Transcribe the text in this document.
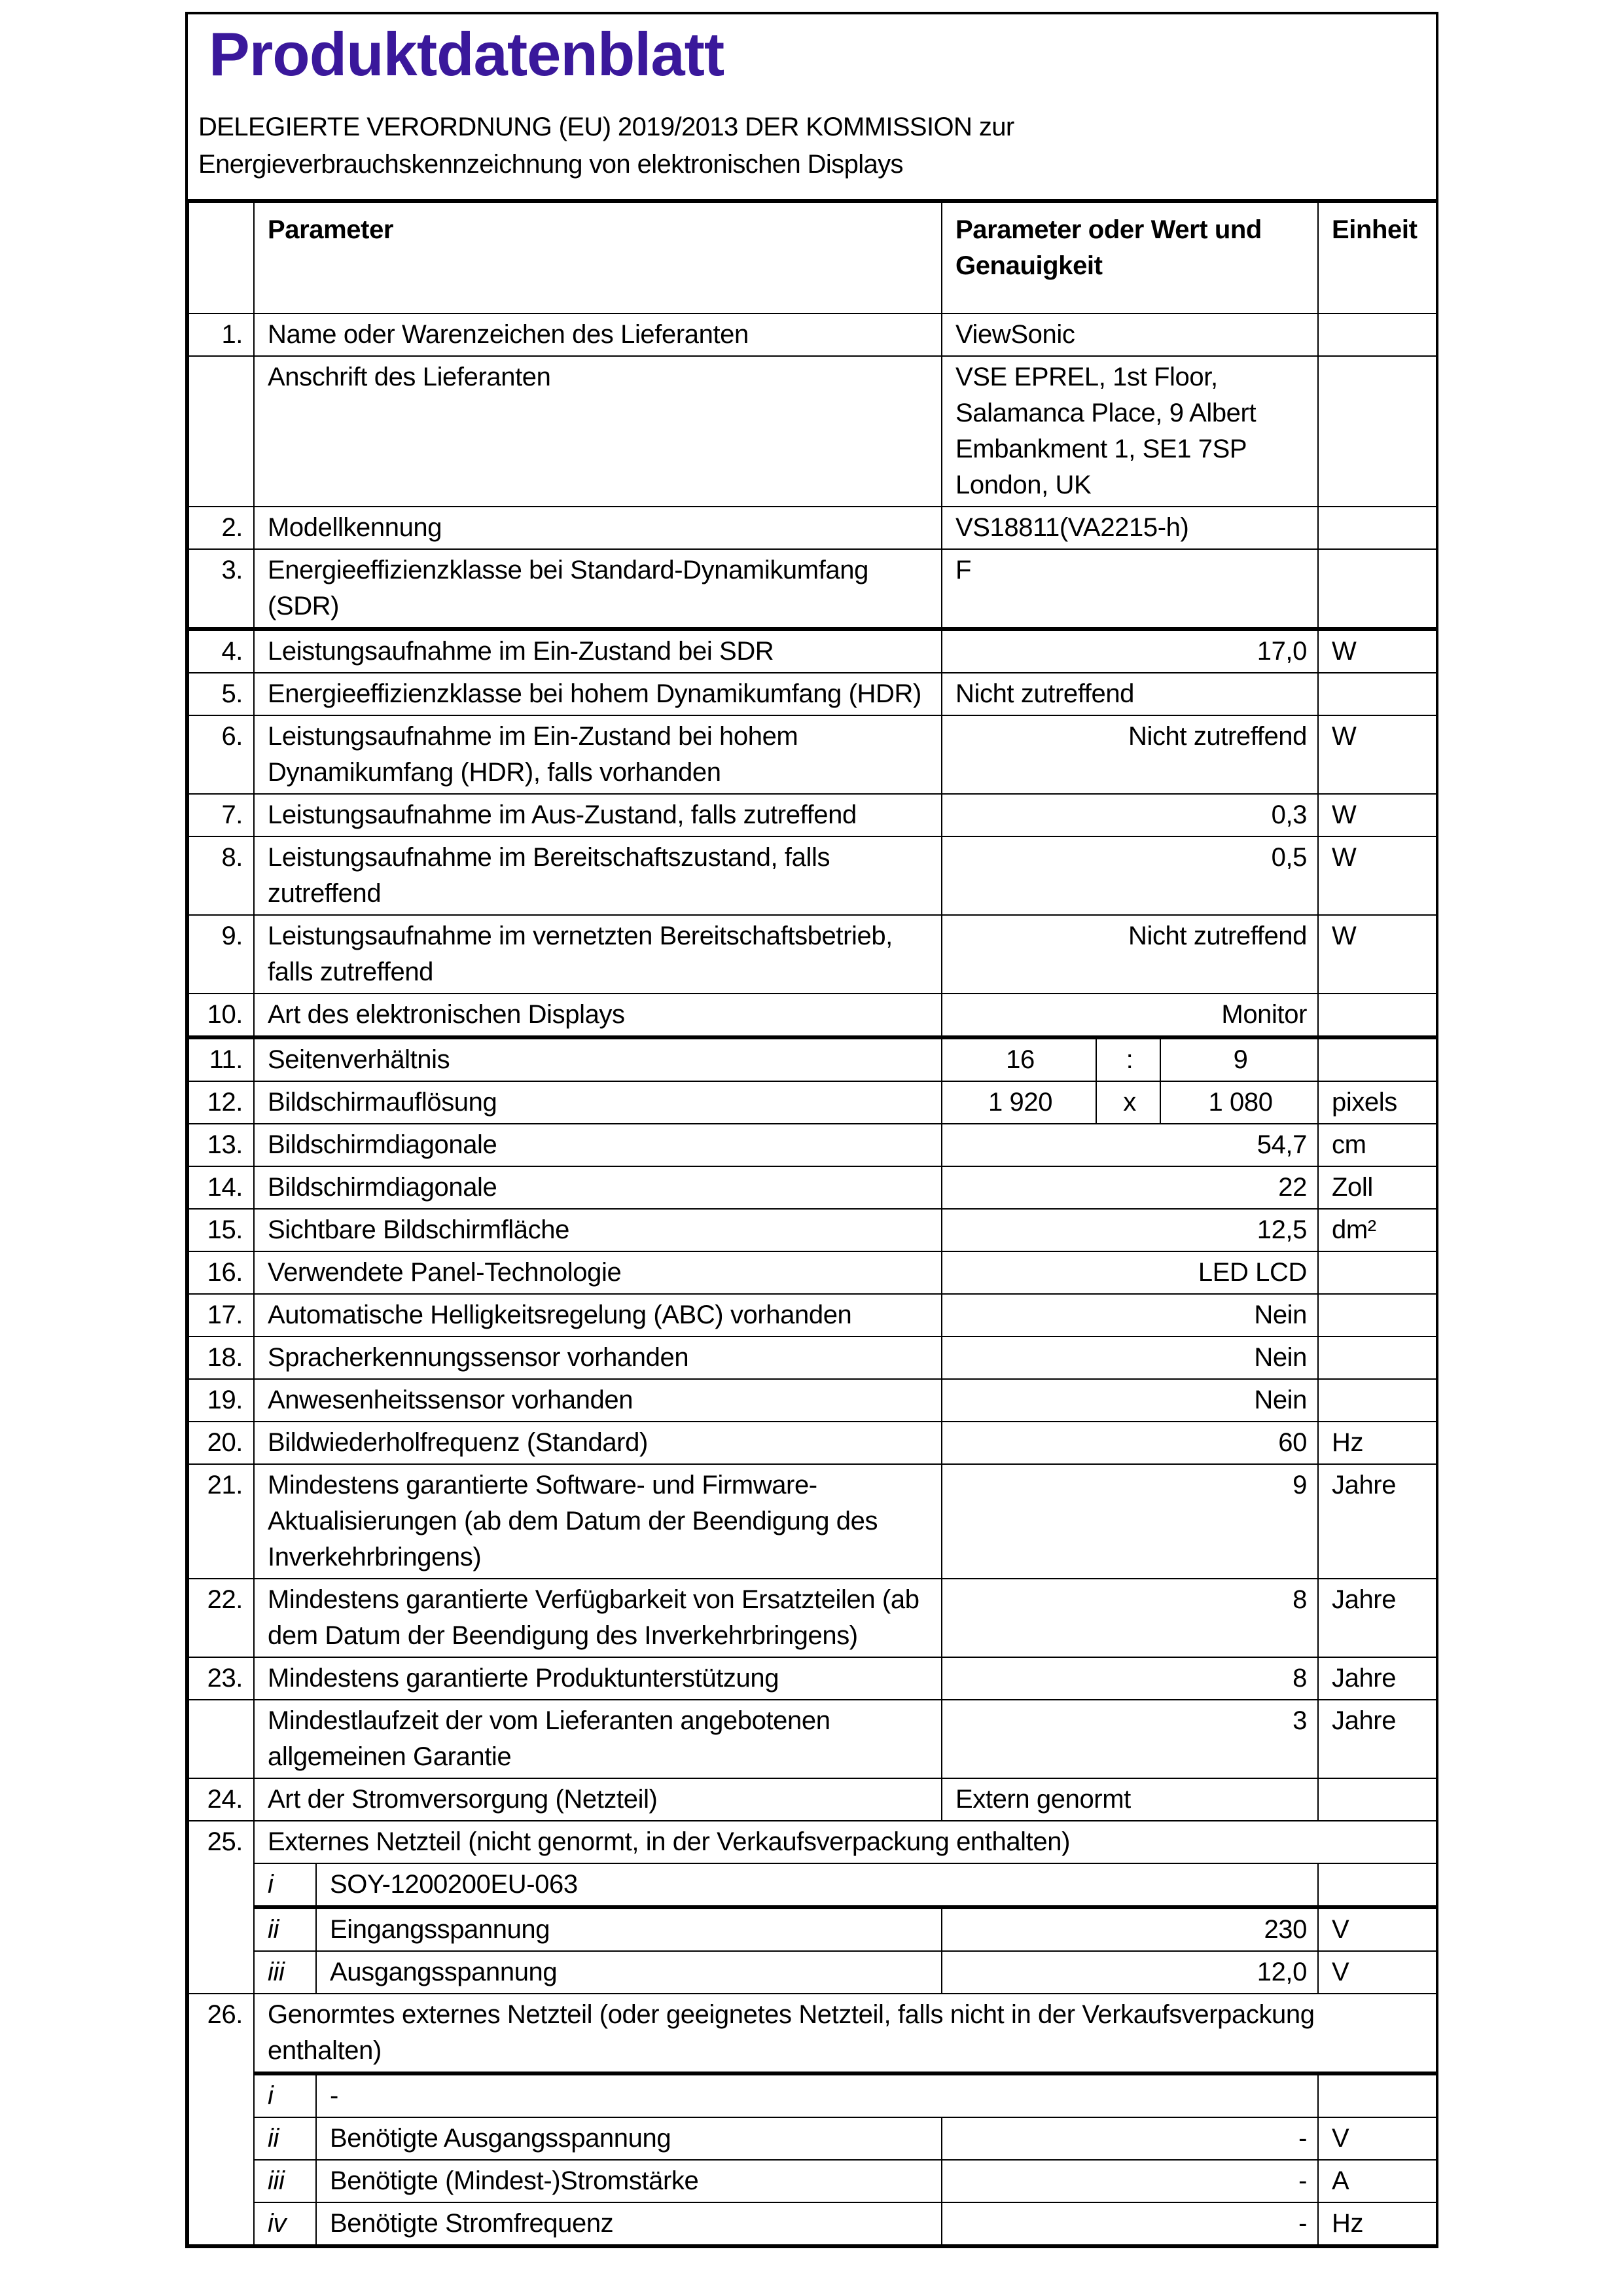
Produktdatenblatt
DELEGIERTE VERORDNUNG (EU) 2019/2013 DER KOMMISSION zur
Energieverbrauchskennzeichnung von elektronischen Displays
	Parameter		Parameter oder Wert und Genauigkeit			Einheit
1.	Name oder Warenzeichen des Lieferanten		ViewSonic			
	Anschrift des Lieferanten		VSE EPREL, 1st Floor, Salamanca Place, 9 Albert Embankment 1, SE1 7SP London, UK			
2.	Modellkennung		VS18811(VA2215-h)			
3.	Energieeffizienzklasse bei Standard-Dynamikumfang (SDR)		F			
4.	Leistungsaufnahme im Ein-Zustand bei SDR		17,0			W
5.	Energieeffizienzklasse bei hohem Dynamikumfang (HDR)		Nicht zutreffend			
6.	Leistungsaufnahme im Ein-Zustand bei hohem Dynamikumfang (HDR), falls vorhanden		Nicht zutreffend			W
7.	Leistungsaufnahme im Aus-Zustand, falls zutreffend		0,3			W
8.	Leistungsaufnahme im Bereitschaftszustand, falls zutreffend		0,5			W
9.	Leistungsaufnahme im vernetzten Bereitschaftsbetrieb, falls zutreffend		Nicht zutreffend			W
10.	Art des elektronischen Displays		Monitor			
11.	Seitenverhältnis		16	:	9	
12.	Bildschirmauflösung		1 920	x	1 080	pixels
13.	Bildschirmdiagonale		54,7			cm
14.	Bildschirmdiagonale		22			Zoll
15.	Sichtbare Bildschirmfläche		12,5			dm²
16.	Verwendete Panel-Technologie		LED LCD			
17.	Automatische Helligkeitsregelung (ABC) vorhanden		Nein			
18.	Spracherkennungssensor vorhanden		Nein			
19.	Anwesenheitssensor vorhanden		Nein			
20.	Bildwiederholfrequenz (Standard)		60			Hz
21.	Mindestens garantierte Software- und Firmware-Aktualisierungen (ab dem Datum der Beendigung des Inverkehrbringens)		9			Jahre
22.	Mindestens garantierte Verfügbarkeit von Ersatzteilen (ab dem Datum der Beendigung des Inverkehrbringens)		8			Jahre
23.	Mindestens garantierte Produktunterstützung		8			Jahre
	Mindestlaufzeit der vom Lieferanten angebotenen allgemeinen Garantie		3			Jahre
24.	Art der Stromversorgung (Netzteil)		Extern genormt			
25.	Externes Netzteil (nicht genormt, in der Verkaufsverpackung enthalten)					
	i	SOY-1200200EU-063				
	ii	Eingangsspannung	230			V
	iii	Ausgangsspannung	12,0			V
26.	Genormtes externes Netzteil (oder geeignetes Netzteil, falls nicht in der Verkaufsverpackung enthalten)					
	i	-				
	ii	Benötigte Ausgangsspannung	-			V
	iii	Benötigte (Mindest-)Stromstärke	-			A
	iv	Benötigte Stromfrequenz	-			Hz
